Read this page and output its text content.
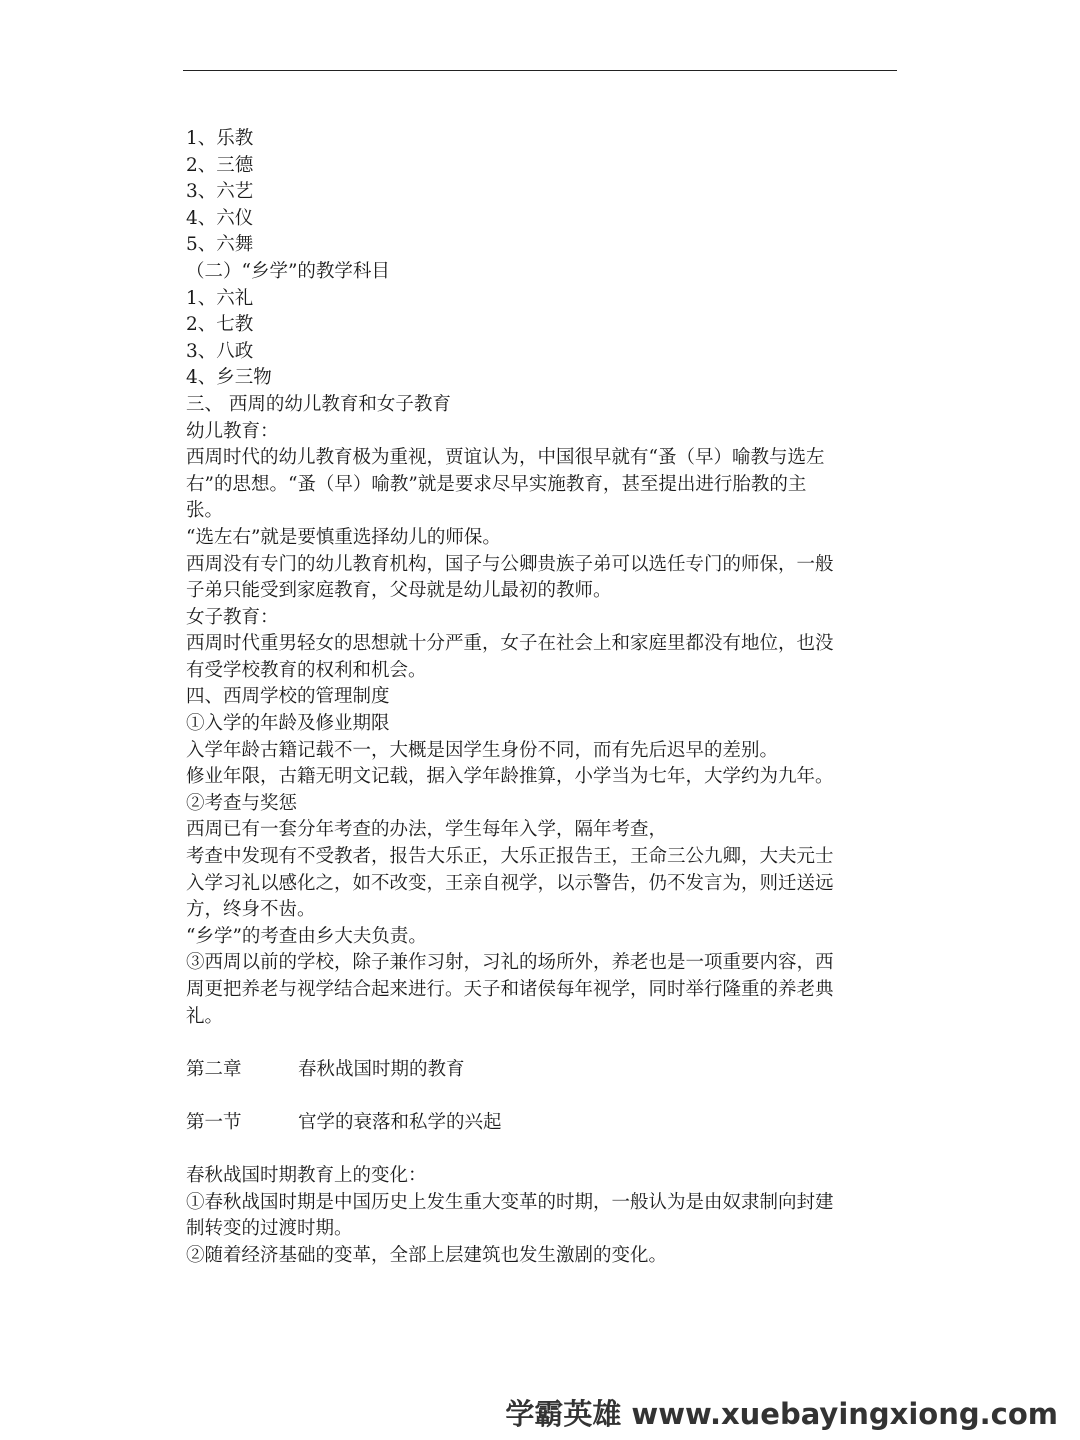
1、乐教
2、三德
3、六艺
4、六仪
5、六舞
（二）“乡学”的教学科目
1、六礼
2、七教
3、八政
4、乡三物
三、 西周的幼儿教育和女子教育
幼儿教育：
西周时代的幼儿教育极为重视，贾谊认为，中国很早就有“蚤（早）喻教与选左
右”的思想。“蚤（早）喻教”就是要求尽早实施教育，甚至提出进行胎教的主
张。
“选左右”就是要慎重选择幼儿的师保。
西周没有专门的幼儿教育机构，国子与公卿贵族子弟可以选任专门的师保，一般
子弟只能受到家庭教育，父母就是幼儿最初的教师。
女子教育：
西周时代重男轻女的思想就十分严重，女子在社会上和家庭里都没有地位，也没
有受学校教育的权利和机会。
四、西周学校的管理制度
①入学的年龄及修业期限
入学年龄古籍记载不一，大概是因学生身份不同，而有先后迟早的差别。
修业年限，古籍无明文记载，据入学年龄推算，小学当为七年，大学约为九年。
②考查与奖惩
西周已有一套分年考查的办法，学生每年入学，隔年考查，
考查中发现有不受教者，报告大乐正，大乐正报告王，王命三公九卿，大夫元士
入学习礼以感化之，如不改变，王亲自视学，以示警告，仍不发言为，则迁送远
方，终身不齿。
“乡学”的考查由乡大夫负责。
③西周以前的学校，除子兼作习射，习礼的场所外，养老也是一项重要内容，西
周更把养老与视学结合起来进行。天子和诸侯每年视学，同时举行隆重的养老典
礼。
第二章	春秋战国时期的教育
第一节	官学的衰落和私学的兴起
春秋战国时期教育上的变化：
①春秋战国时期是中国历史上发生重大变革的时期，一般认为是由奴隶制向封建
制转变的过渡时期。
②随着经济基础的变革，全部上层建筑也发生激剧的变化。
学霸英雄 www.xuebayingxiong.com
